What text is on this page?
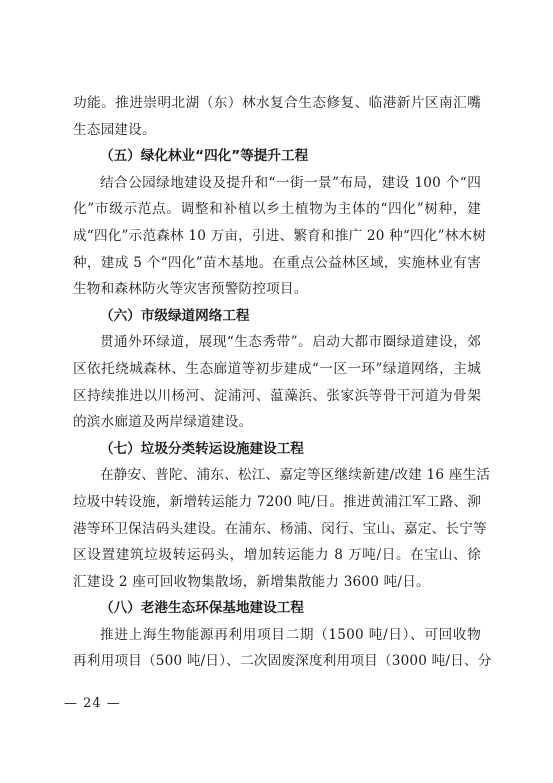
功能。推进崇明北湖（东）林水复合生态修复、临港新片区南汇嘴
生态园建设。
（五）绿化林业“四化”等提升工程
结合公园绿地建设及提升和“一街一景”布局，建设 100 个“四
化”市级示范点。调整和补植以乡土植物为主体的“四化”树种，建
成“四化”示范森林 10 万亩，引进、繁育和推广 20 种“四化”林木树
种，建成 5 个“四化”苗木基地。在重点公益林区域，实施林业有害
生物和森林防火等灾害预警防控项目。
（六）市级绿道网络工程
贯通外环绿道，展现“生态秀带”。启动大都市圈绿道建设，郊
区依托绕城森林、生态廊道等初步建成“一区一环”绿道网络，主城
区持续推进以川杨河、淀浦河、蕰藻浜、张家浜等骨干河道为骨架
的滨水廊道及两岸绿道建设。
（七）垃圾分类转运设施建设工程
在静安、普陀、浦东、松江、嘉定等区继续新建/改建 16 座生活
垃圾中转设施，新增转运能力 7200 吨/日。推进黄浦江军工路、泖
港等环卫保洁码头建设。在浦东、杨浦、闵行、宝山、嘉定、长宁等
区设置建筑垃圾转运码头，增加转运能力 8 万吨/日。在宝山、徐
汇建设 2 座可回收物集散场，新增集散能力 3600 吨/日。
（八）老港生态环保基地建设工程
推进上海生物能源再利用项目二期（1500 吨/日）、可回收物
再利用项目（500 吨/日）、二次固废深度利用项目（3000 吨/日、分
— 24 —
